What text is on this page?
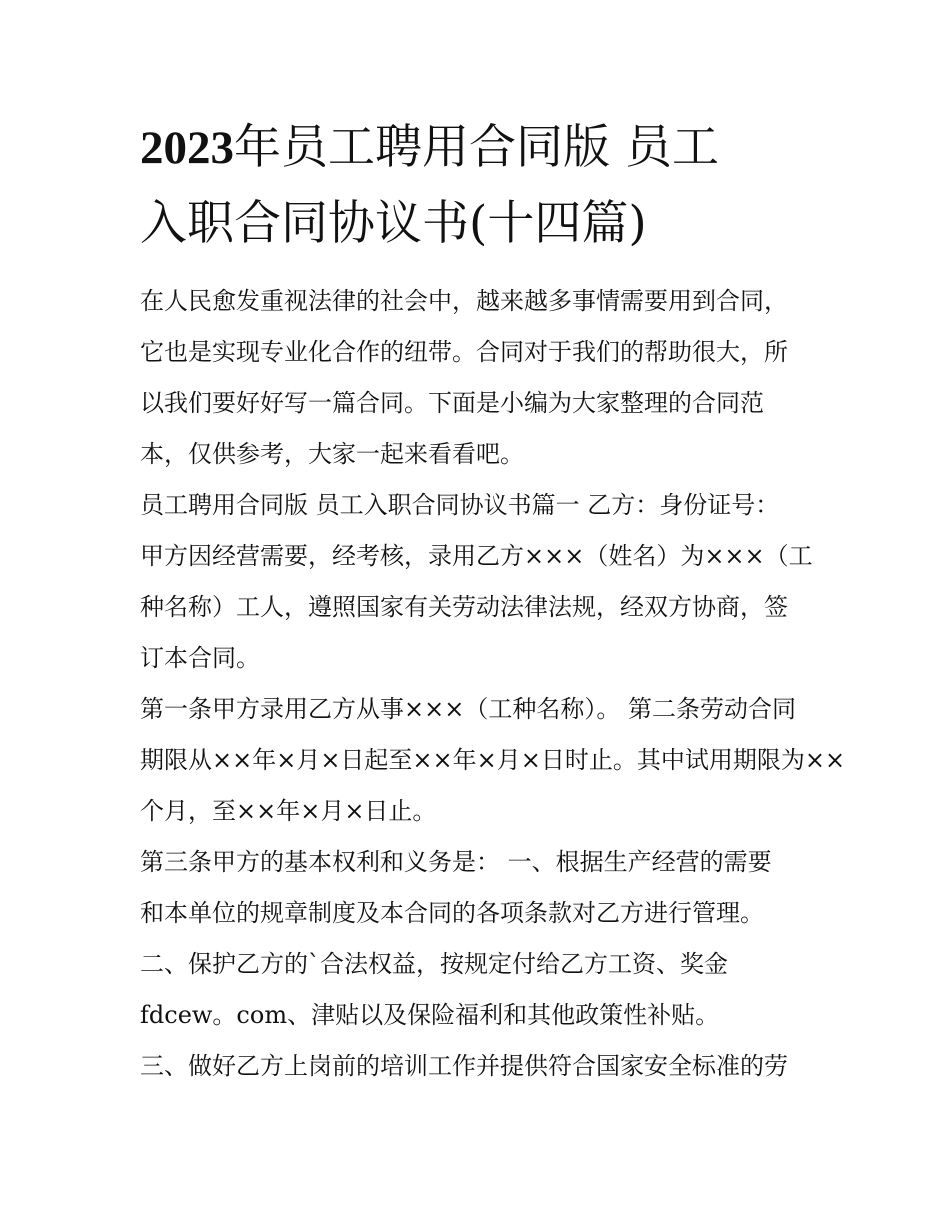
2023年员工聘用合同版 员工
入职合同协议书(十四篇)

在人民愈发重视法律的社会中，越来越多事情需要用到合同，
它也是实现专业化合作的纽带。合同对于我们的帮助很大，所
以我们要好好写一篇合同。下面是小编为大家整理的合同范
本，仅供参考，大家一起来看看吧。

员工聘用合同版 员工入职合同协议书篇一 乙方：身份证号：
甲方因经营需要，经考核，录用乙方×××（姓名）为×××（工
种名称）工人，遵照国家有关劳动法律法规，经双方协商，签
订本合同。

第一条甲方录用乙方从事×××（工种名称）。 第二条劳动合同
期限从××年×月×日起至××年×月×日时止。其中试用期限为××
个月，至××年×月×日止。

第三条甲方的基本权利和义务是： 一、根据生产经营的需要
和本单位的规章制度及本合同的各项条款对乙方进行管理。
二、保护乙方的`合法权益，按规定付给乙方工资、奖金
fdcew。com、津贴以及保险福利和其他政策性补贴。

三、做好乙方上岗前的培训工作并提供符合国家安全标准的劳
